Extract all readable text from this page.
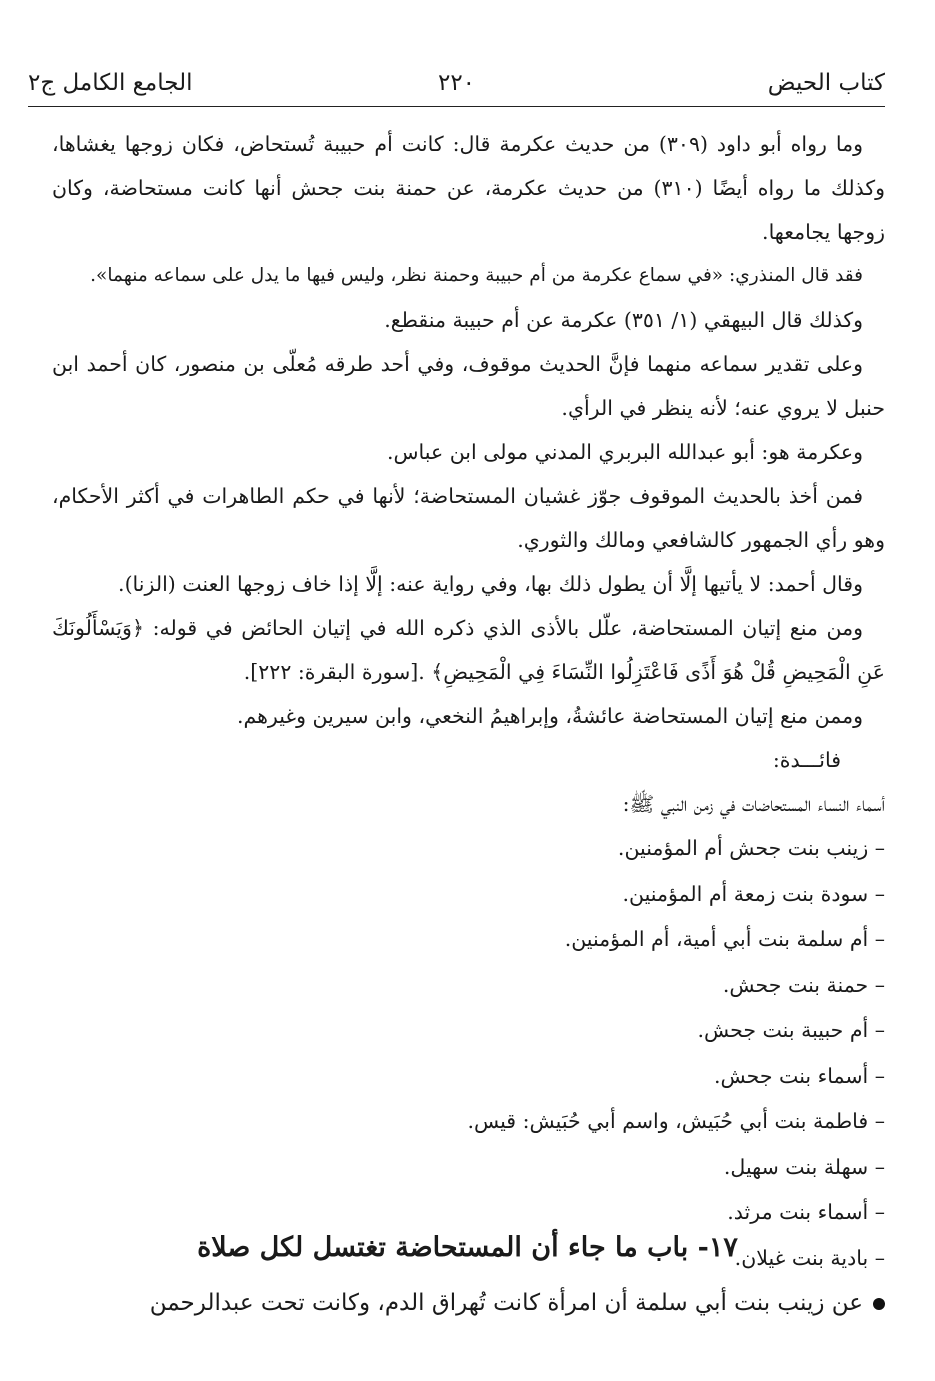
كتاب الحيض
٢٢٠
الجامع الكامل ج٢

وما رواه أبو داود (٣٠٩) من حديث عكرمة قال: كانت أم حبيبة تُستحاض، فكان زوجها يغشاها، وكذلك ما رواه أيضًا (٣١٠) من حديث عكرمة، عن حمنة بنت جحش أنها كانت مستحاضة، وكان زوجها يجامعها.

فقد قال المنذري: «في سماع عكرمة من أم حبيبة وحمنة نظر، وليس فيها ما يدل على سماعه منهما».

وكذلك قال البيهقي (١/ ٣٥١) عكرمة عن أم حبيبة منقطع.

وعلى تقدير سماعه منهما فإنَّ الحديث موقوف، وفي أحد طرقه مُعلّى بن منصور، كان أحمد ابن حنبل لا يروي عنه؛ لأنه ينظر في الرأي.

وعكرمة هو: أبو عبدالله البربري المدني مولى ابن عباس.

فمن أخذ بالحديث الموقوف جوّز غشيان المستحاضة؛ لأنها في حكم الطاهرات في أكثر الأحكام، وهو رأي الجمهور كالشافعي ومالك والثوري.

وقال أحمد: لا يأتيها إلَّا أن يطول ذلك بها، وفي رواية عنه: إلَّا إذا خاف زوجها العنت (الزنا).

ومن منع إتيان المستحاضة، علّل بالأذى الذي ذكره الله في إتيان الحائض في قوله: ﴿وَيَسْأَلُونَكَ عَنِ الْمَحِيضِ قُلْ هُوَ أَذًى فَاعْتَزِلُوا النِّسَاءَ فِي الْمَحِيضِ﴾ .[سورة البقرة: ٢٢٢].

وممن منع إتيان المستحاضة عائشةُ، وإبراهيمُ النخعي، وابن سيرين وغيرهم.

فائـــدة:

أسماء النساء المستحاضات في زمن النبي ﷺ:

– زينب بنت جحش أم المؤمنين.
– سودة بنت زمعة أم المؤمنين.
– أم سلمة بنت أبي أمية، أم المؤمنين.
– حمنة بنت جحش.
– أم حبيبة بنت جحش.
– أسماء بنت جحش.
– فاطمة بنت أبي حُبَيش، واسم أبي حُبَيش: قيس.
– سهلة بنت سهيل.
– أسماء بنت مرثد.
– بادية بنت غيلان.
١٧- باب ما جاء أن المستحاضة تغتسل لكل صلاة
عن زينب بنت أبي سلمة أن امرأة كانت تُهراق الدم، وكانت تحت عبدالرحمن
